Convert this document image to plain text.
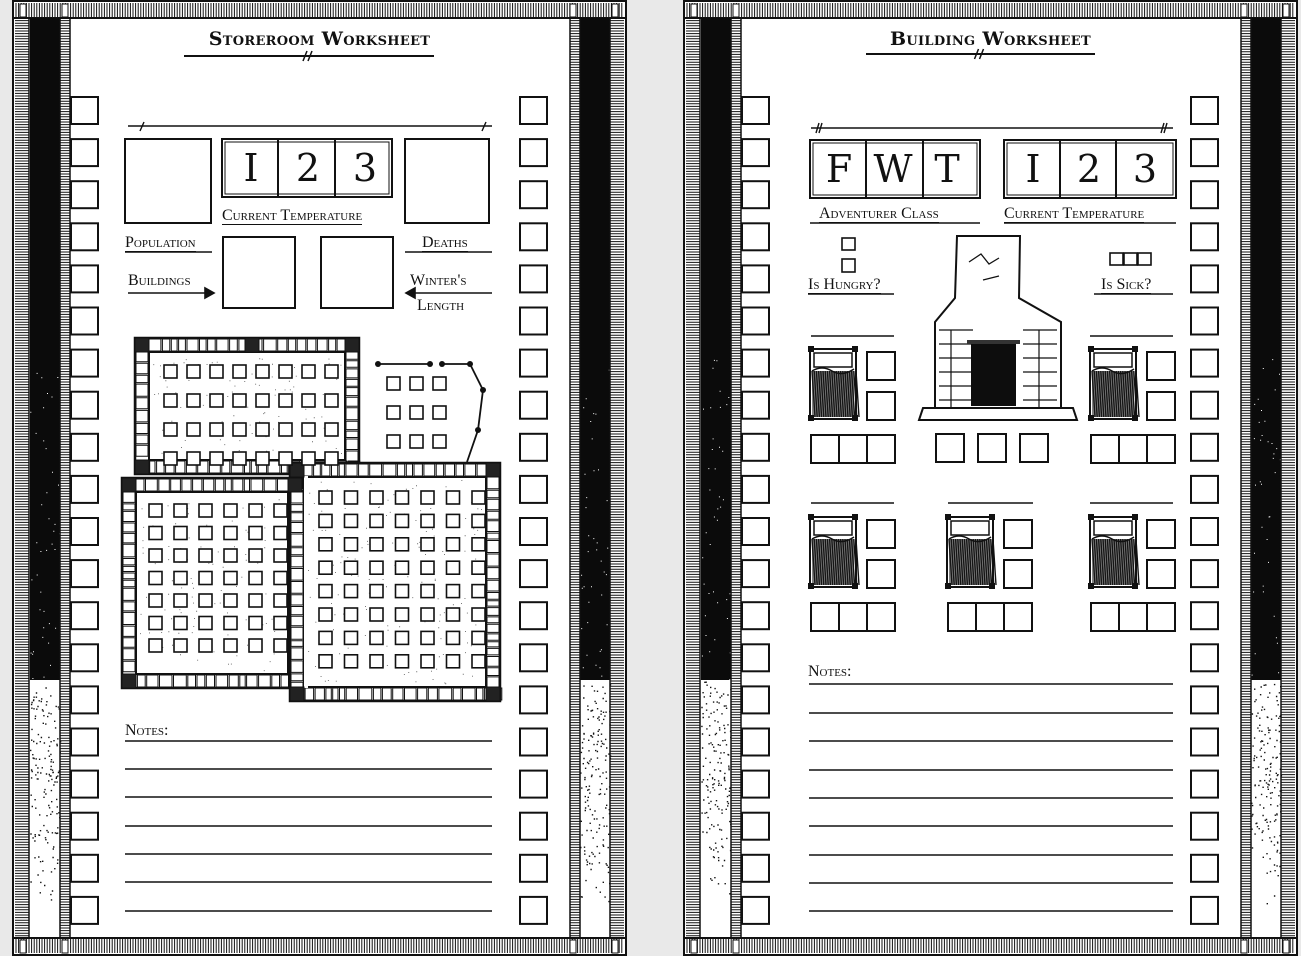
Storeroom Worksheet
I 2 3
Current Temperature
Population	Deaths
Buildings	Winter's
Length
Notes:
Building Worksheet
F W T	I 2 3
Adventurer Class	Current Temperature
Is Hungry?	Is Sick?
Notes:
